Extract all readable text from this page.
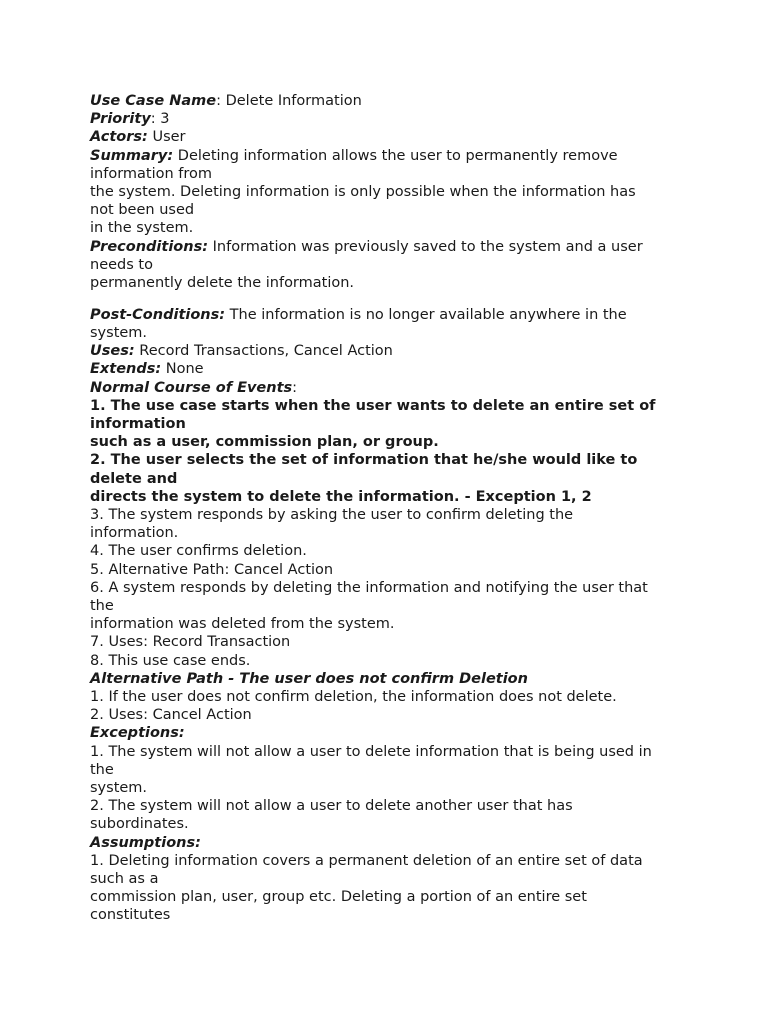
Use Case Name: Delete Information
Priority: 3
Actors: User
Summary: Deleting information allows the user to permanently remove
information from
the system. Deleting information is only possible when the information has
not been used
in the system.
Preconditions: Information was previously saved to the system and a user
needs to
permanently delete the information.
Post-Conditions: The information is no longer available anywhere in the
system.
Uses: Record Transactions, Cancel Action
Extends: None
Normal Course of Events:
1. The use case starts when the user wants to delete an entire set of
information
such as a user, commission plan, or group.
2. The user selects the set of information that he/she would like to
delete and
directs the system to delete the information. - Exception 1, 2
3. The system responds by asking the user to confirm deleting the
information.
4. The user confirms deletion.
5. Alternative Path: Cancel Action
6. A system responds by deleting the information and notifying the user that
the
information was deleted from the system.
7. Uses: Record Transaction
8. This use case ends.
Alternative Path - The user does not confirm Deletion
1. If the user does not confirm deletion, the information does not delete.
2. Uses: Cancel Action
Exceptions:
1. The system will not allow a user to delete information that is being used in
the
system.
2. The system will not allow a user to delete another user that has
subordinates.
Assumptions:
1. Deleting information covers a permanent deletion of an entire set of data
such as a
commission plan, user, group etc. Deleting a portion of an entire set
constitutes
